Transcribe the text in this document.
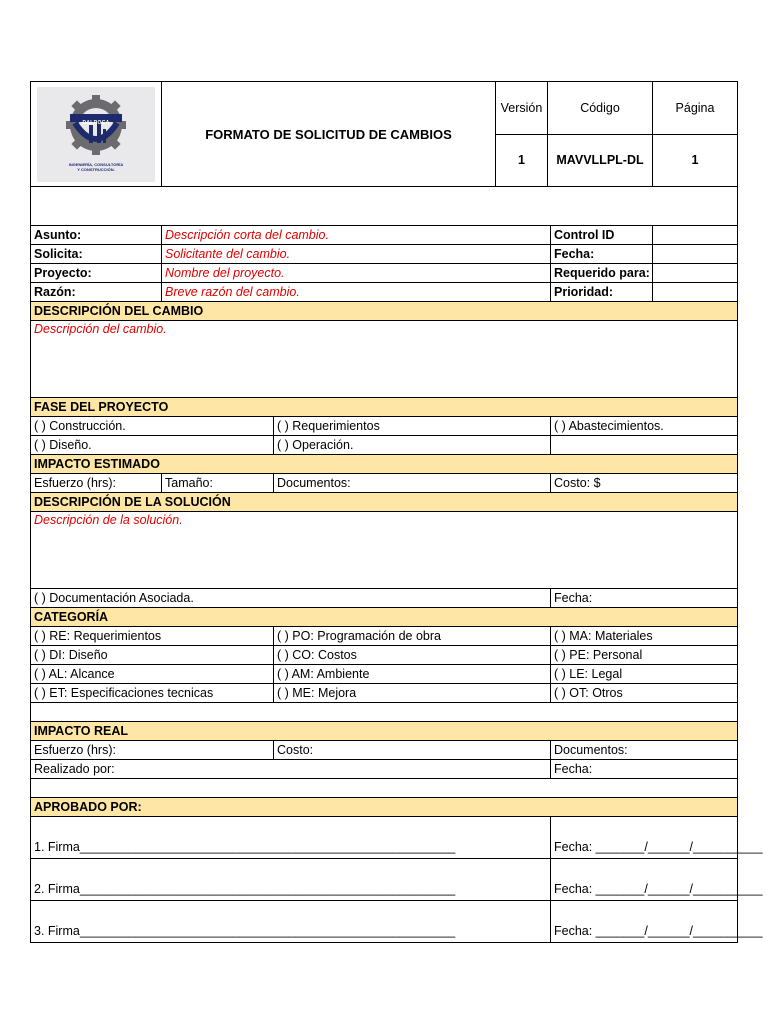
DALROCA
INGENIERÍA, CONSULTORÍA
Y CONSTRUCCIÓN.	FORMATO DE SOLICITUD DE CAMBIOS	Versión	Código	Página
		1	MAVVLLPL-DL	1

Asunto:	Descripción corta del cambio.		Control ID	
Solicita:	Solicitante del cambio.		Fecha:	
Proyecto:	Nombre del proyecto.		Requerido para:	
Razón:	Breve razón del cambio.		Prioridad:	
DESCRIPCIÓN DEL CAMBIO				
Descripción del cambio.				
FASE DEL PROYECTO				
( ) Construcción.		( ) Requerimientos	( ) Abastecimientos.	
( ) Diseño.		( ) Operación.		
IMPACTO ESTIMADO				
Esfuerzo (hrs):	Tamaño:	Documentos:	Costo: $	
DESCRIPCIÓN DE LA SOLUCIÓN				
Descripción de la solución.				
( ) Documentación Asociada.			Fecha:	
CATEGORÍA				
( ) RE: Requerimientos		( ) PO: Programación de obra	( ) MA: Materiales	
( ) DI: Diseño		( ) CO: Costos	( ) PE: Personal	
( ) AL: Alcance		( ) AM: Ambiente	( ) LE: Legal	
( ) ET: Especificaciones tecnicas		( ) ME: Mejora	( ) OT: Otros	

IMPACTO REAL				
Esfuerzo (hrs):		Costo:	Documentos:	
Realizado por:			Fecha:	

APROBADO POR:				
1. Firma______________________________________________________			Fecha: _______/______/__________	
2. Firma______________________________________________________			Fecha: _______/______/__________	
3. Firma______________________________________________________			Fecha: _______/______/__________	
